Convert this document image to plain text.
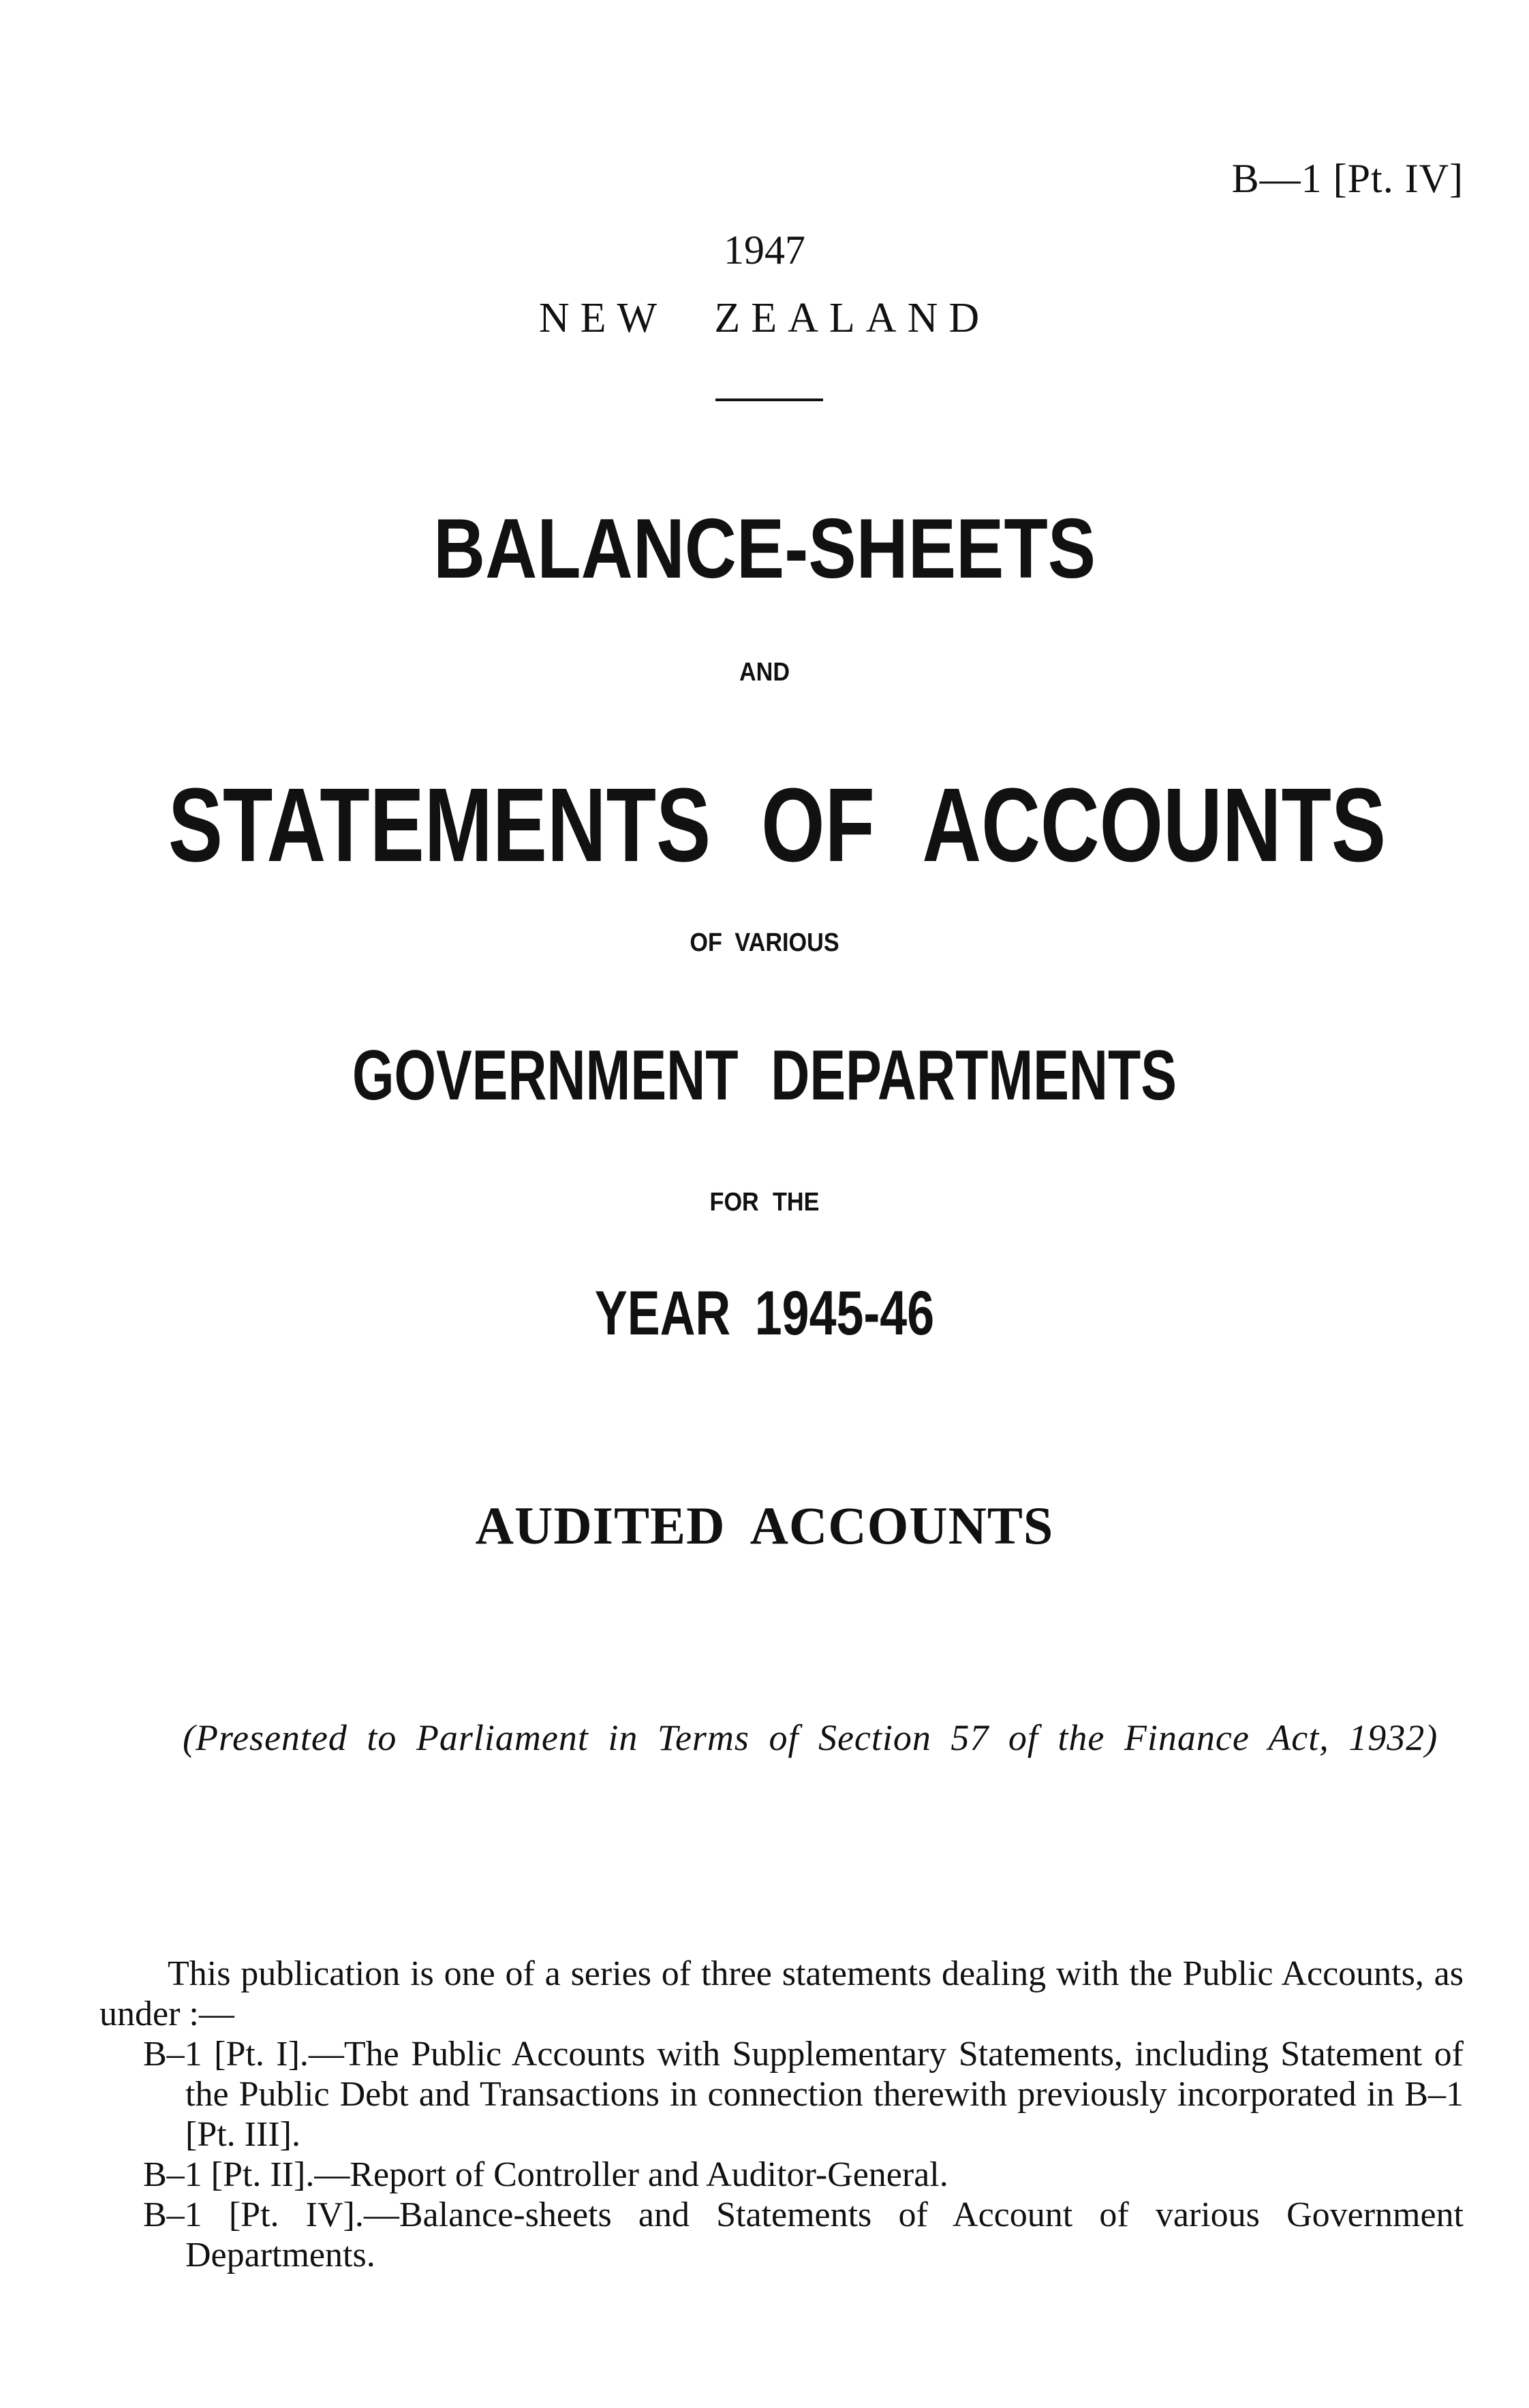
B—1 [Pt. IV]
1947
NEW ZEALAND
BALANCE-SHEETS
AND
STATEMENTS OF ACCOUNTS
OF VARIOUS
GOVERNMENT DEPARTMENTS
FOR THE
YEAR 1945-46
AUDITED ACCOUNTS
(Presented to Parliament in Terms of Section 57 of the Finance Act, 1932)

This publication is one of a series of three statements dealing with the Public Accounts, as under :—

B–1 [Pt. I].—The Public Accounts with Supplementary Statements, including Statement of the Public Debt and Transactions in connection therewith previously incorporated in B–1 [Pt. III].
B–1 [Pt. II].—Report of Controller and Auditor-General.
B–1 [Pt. IV].—Balance-sheets and Statements of Account of various Government Departments.
